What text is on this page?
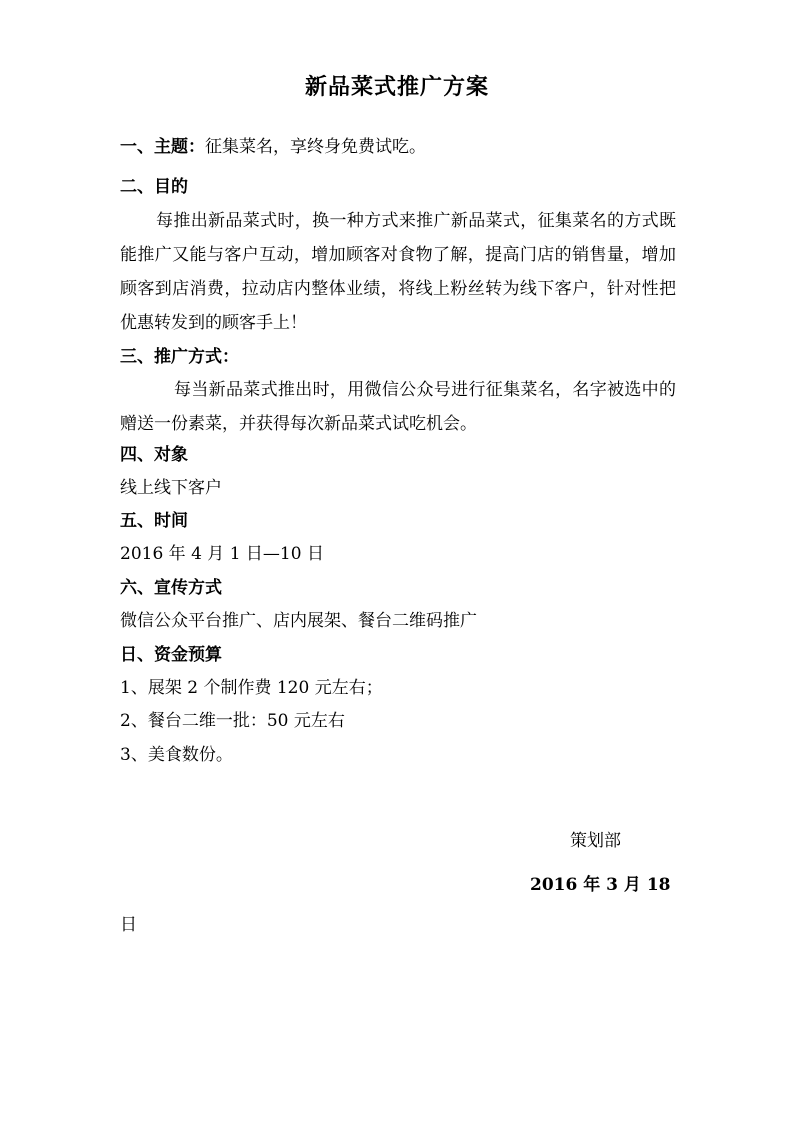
新品菜式推广方案
一、主题：征集菜名，享终身免费试吃。
二、目的
每推出新品菜式时，换一种方式来推广新品菜式，征集菜名的方式既能推广又能与客户互动，增加顾客对食物了解，提高门店的销售量，增加顾客到店消费，拉动店内整体业绩，将线上粉丝转为线下客户，针对性把优惠转发到的顾客手上！
三、推广方式：
每当新品菜式推出时，用微信公众号进行征集菜名，名字被选中的赠送一份素菜，并获得每次新品菜式试吃机会。
四、对象
线上线下客户
五、时间
2016 年 4 月 1 日—10 日
六、宣传方式
微信公众平台推广、店内展架、餐台二维码推广
日、资金预算
1、展架 2 个制作费 120 元左右；
2、餐台二维一批：50 元左右
3、美食数份。
策划部
2016 年 3 月 18
日
